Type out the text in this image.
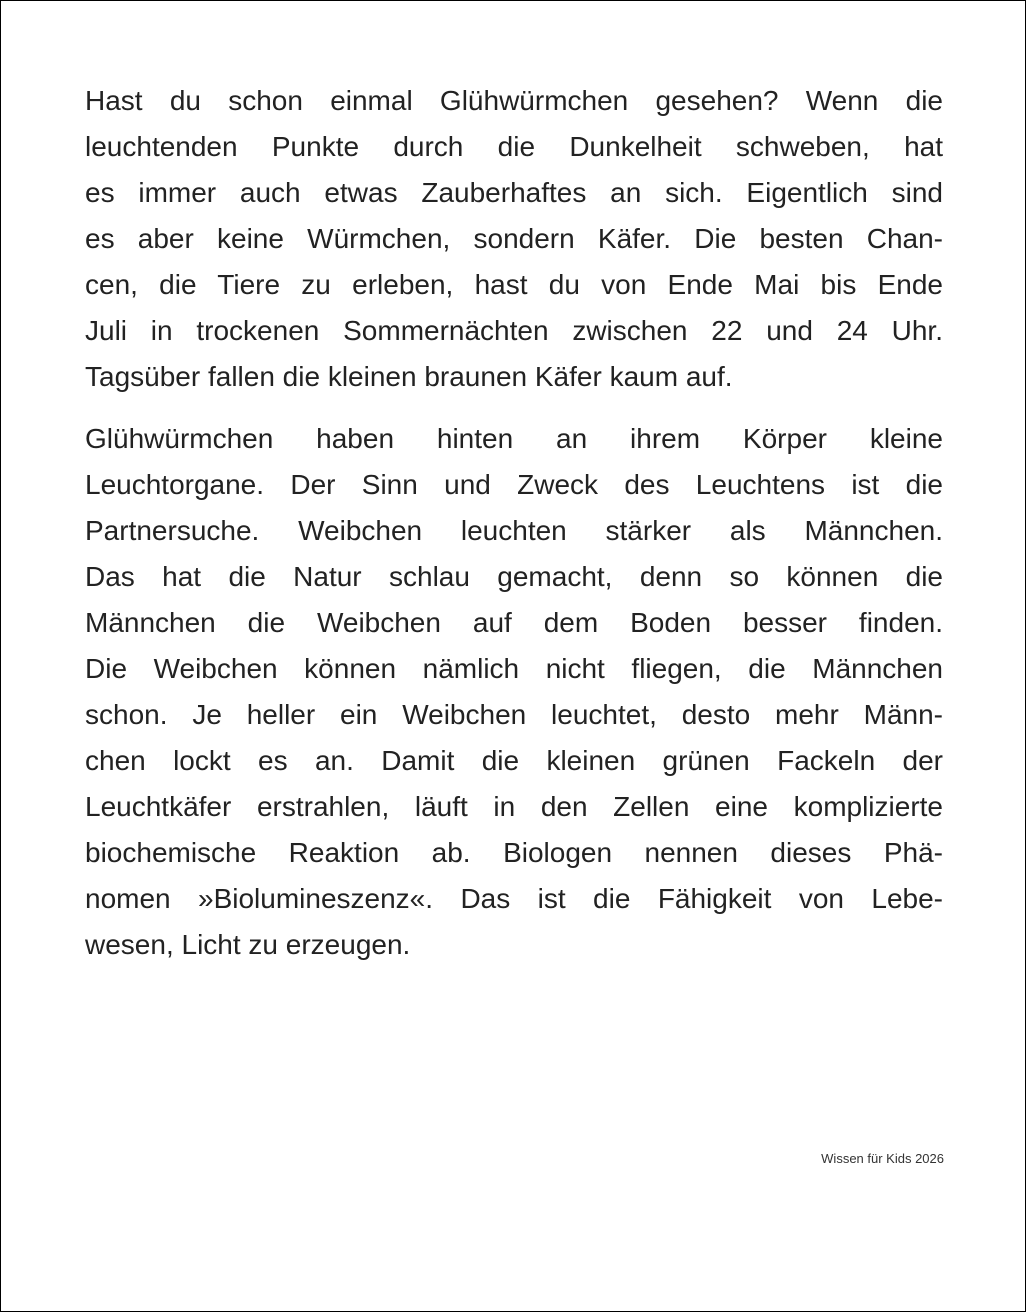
Hast du schon einmal Glühwürmchen gesehen? Wenn die
leuchtenden Punkte durch die Dunkelheit schweben, hat
es immer auch etwas Zauberhaftes an sich. Eigentlich sind
es aber keine Würmchen, sondern Käfer. Die besten Chan-
cen, die Tiere zu erleben, hast du von Ende Mai bis Ende
Juli in trockenen Sommernächten zwischen 22 und 24 Uhr.
Tagsüber fallen die kleinen braunen Käfer kaum auf.
Glühwürmchen haben hinten an ihrem Körper kleine
Leuchtorgane. Der Sinn und Zweck des Leuchtens ist die
Partnersuche. Weibchen leuchten stärker als Männchen.
Das hat die Natur schlau gemacht, denn so können die
Männchen die Weibchen auf dem Boden besser finden.
Die Weibchen können nämlich nicht fliegen, die Männchen
schon. Je heller ein Weibchen leuchtet, desto mehr Männ-
chen lockt es an. Damit die kleinen grünen Fackeln der
Leuchtkäfer erstrahlen, läuft in den Zellen eine komplizierte
biochemische Reaktion ab. Biologen nennen dieses Phä-
nomen »Biolumineszenz«. Das ist die Fähigkeit von Lebe-
wesen, Licht zu erzeugen.
Wissen für Kids 2026
